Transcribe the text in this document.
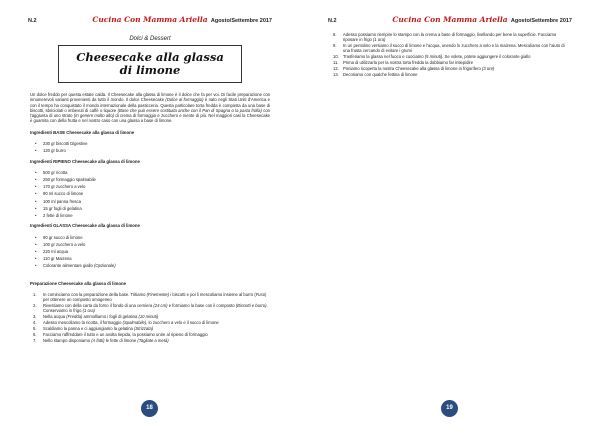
N.2	Cucina Con Mamma Ariella Agosto/Settembre 2017
Dolci & Dessert
Cheesecake alla glassa
di limone

Un dolce freddo per questa estate calda. Il Cheesecake alla glassa di limone è il dolce che fa per voi. Di facile preparazione con innumerevoli varianti provenienti da tutto il mondo. Il dolce Cheesecake (Dolce al formaggio) è nato negli Stati Uniti d'America e con il tempo ha conquistato il mondo internazionale della pasticceria. Questa particolare torta fredda è composta da una base di biscotti, sbriciolati o imbevuti di caffè o liquore (Base che può essere sostituita anche con il Pan di Spagna o la pasta frolla) con l'aggiunta di uno strato (In genere molto alto) di crema di formaggio e zucchero e niente di più. Nel maggiori casi la Cheesecake è guarnita con della frutta e nel nostro caso con una glassa a base di limone.

Ingredienti BASE Cheesecake alla glassa di limone
• 230 gr biscotti Digestive
• 120 gr burro
Ingredienti RIPIENO Cheesecake alla glassa di limone
• 500 gr ricotta
• 250 gr formaggio spalmabile
• 170 gr zucchero a velo
• 90 ml succo di limone
• 100 ml panna fresca
• 15 gr fogli di gelatina
• 2 fette di limone
Ingredienti GLASSA Cheesecake alla glassa di limone
• 90 gr succo di limone
• 100 gr zucchero a velo
• 220 ml acqua
• 110 gr Maizena
• Colorante alimentare giallo (Opzionale)
Preparazione Cheesecake alla glassa di limone
1. In cominciamo con la preparazione della base. Tritiamo (Finemente) i biscotti e poi li mescoliamo insieme al burro (Fuso) per ottenere un composto omogeneo
2. Rivestiamo con della carta da forno il fondo di una cerniera (24 cm) e formiamo la base con il composto (Biscotti e burro). Conserviamo in frigo (1 ora)
3. Nella acqua (Fredda) ammolliamo i fogli di gelatina (10 minuti)
4. Adesso mescoliamo la ricotta, il formaggio (Spalmabile), lo zucchero a velo e il succo di limone
5. Scaldiamo la panna e ci aggiungiamo la gelatina (Strizzata)
6. Facciamo raffreddare il tutto e un avolta tiepida, la possiamo unire al ripieno di formaggio
7. Nello stampo disponiamo (A fatti) le fette di limone (Tagliate a metà)
18
N.2	Cucina Con Mamma Ariella Agosto/Settembre 2017
8. Adesso possiamo riempire lo stampo con la crema a base di formaggio, livellando per bene la superficie. Facciamo riposare in frigo (1 ora)
9. In un pentolino versiamo il succo di limone e l'acqua, unendo lo zucchero a velo e la maizena. Mescoliamo con l'aiuto di una frusta cercando di evitare i grumi
10. Trasferiamo la glassa nel fuoco e cuociamo (5 minuti). Se volete, potete aggiungere il colorante giallo
11. Prima di utilizzarla per la nostra torta fredda la dobbiamo far intiepidire
12. Poniamo ricoperta la nostra Cheesecake alla glassa di limone in frigorifero (3 ore)
13. Decoriamo con qualche fettina di limone
19
